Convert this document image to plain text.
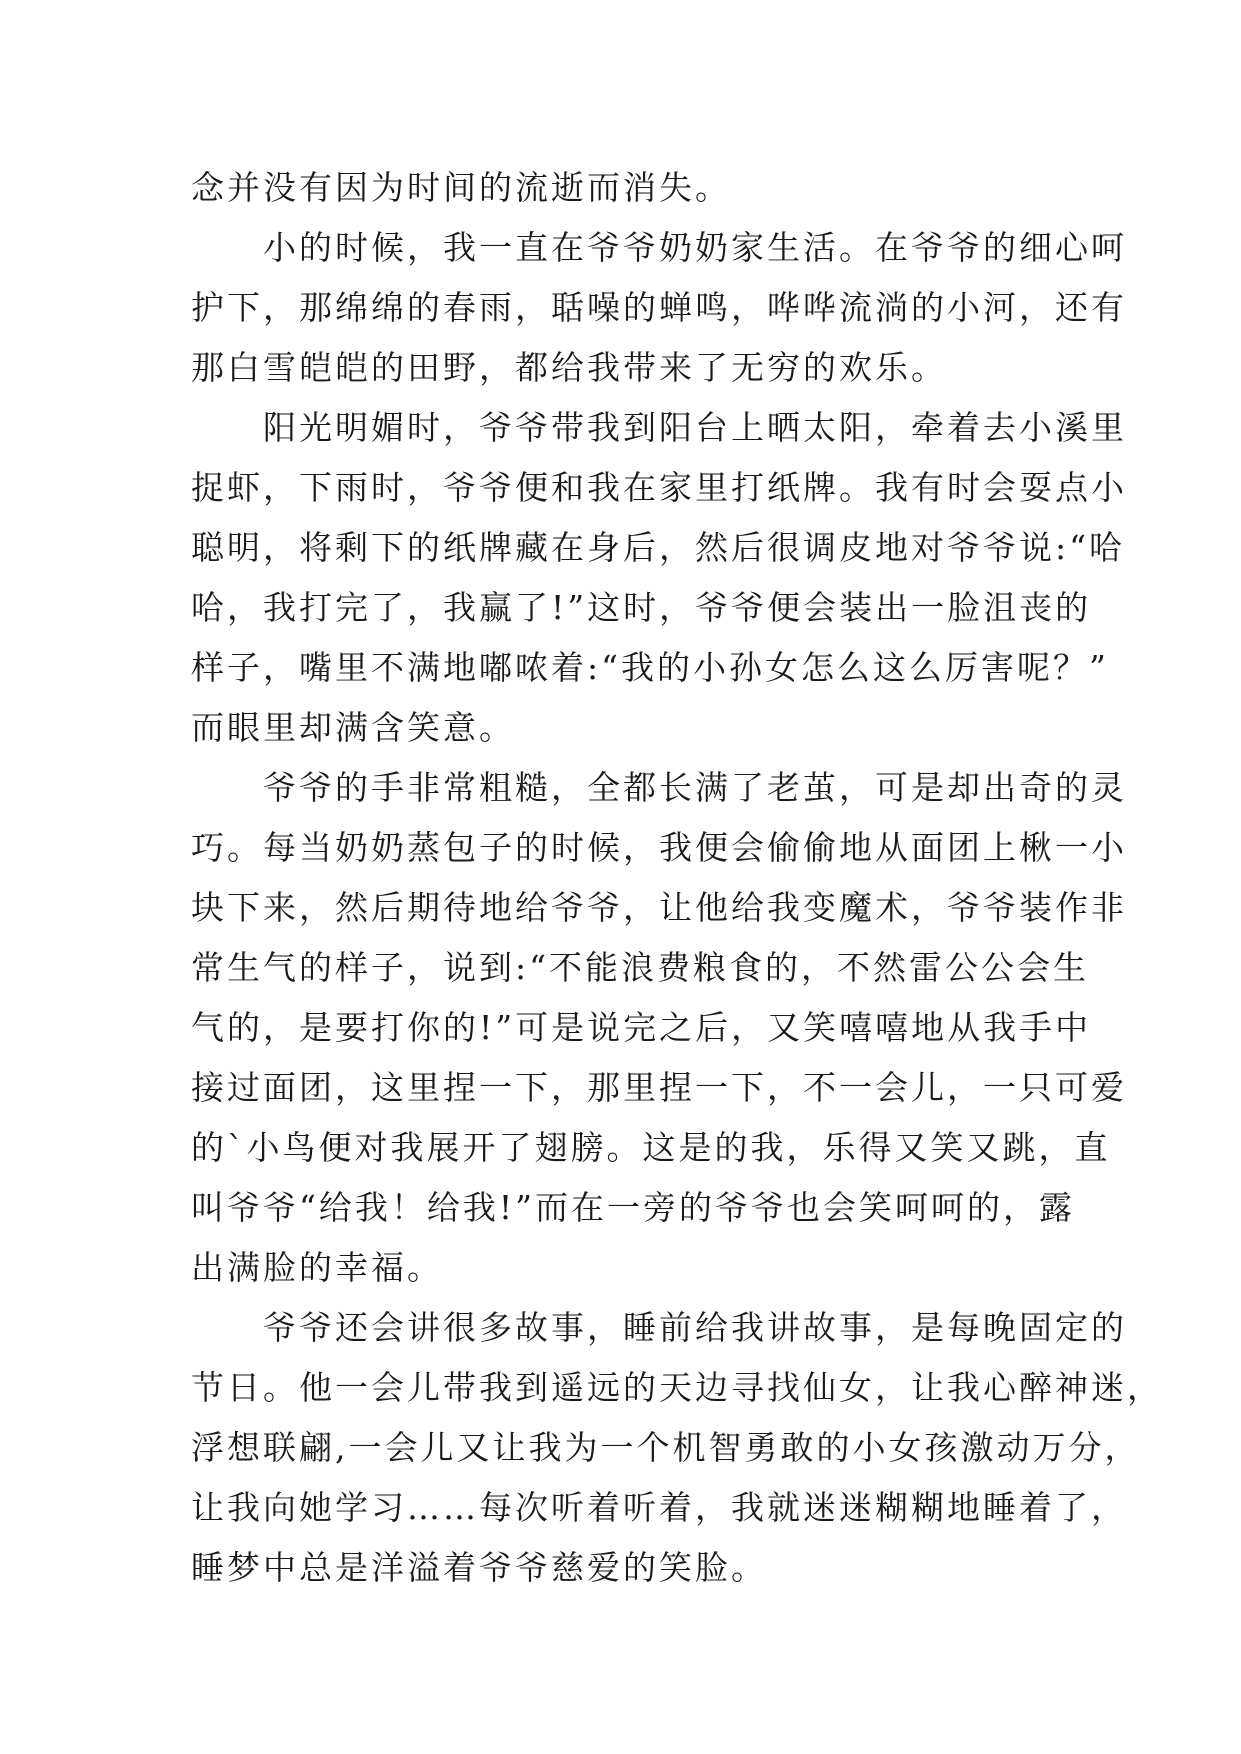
念并没有因为时间的流逝而消失。
　　小的时候，我一直在爷爷奶奶家生活。在爷爷的细心呵
护下，那绵绵的春雨，聒噪的蝉鸣，哗哗流淌的小河，还有
那白雪皑皑的田野，都给我带来了无穷的欢乐。
　　阳光明媚时，爷爷带我到阳台上晒太阳，牵着去小溪里
捉虾，下雨时，爷爷便和我在家里打纸牌。我有时会耍点小
聪明，将剩下的纸牌藏在身后，然后很调皮地对爷爷说:“哈
哈，我打完了，我赢了!”这时，爷爷便会装出一脸沮丧的
样子，嘴里不满地嘟哝着:“我的小孙女怎么这么厉害呢？”
而眼里却满含笑意。
　　爷爷的手非常粗糙，全都长满了老茧，可是却出奇的灵
巧。每当奶奶蒸包子的时候，我便会偷偷地从面团上楸一小
块下来，然后期待地给爷爷，让他给我变魔术，爷爷装作非
常生气的样子，说到:“不能浪费粮食的，不然雷公公会生
气的，是要打你的!”可是说完之后，又笑嘻嘻地从我手中
接过面团，这里捏一下，那里捏一下，不一会儿，一只可爱
的`小鸟便对我展开了翅膀。这是的我，乐得又笑又跳，直
叫爷爷“给我！给我!”而在一旁的爷爷也会笑呵呵的，露
出满脸的幸福。
　　爷爷还会讲很多故事，睡前给我讲故事，是每晚固定的
节日。他一会儿带我到遥远的天边寻找仙女，让我心醉神迷，
浮想联翩,一会儿又让我为一个机智勇敢的小女孩激动万分，
让我向她学习……每次听着听着，我就迷迷糊糊地睡着了，
睡梦中总是洋溢着爷爷慈爱的笑脸。
